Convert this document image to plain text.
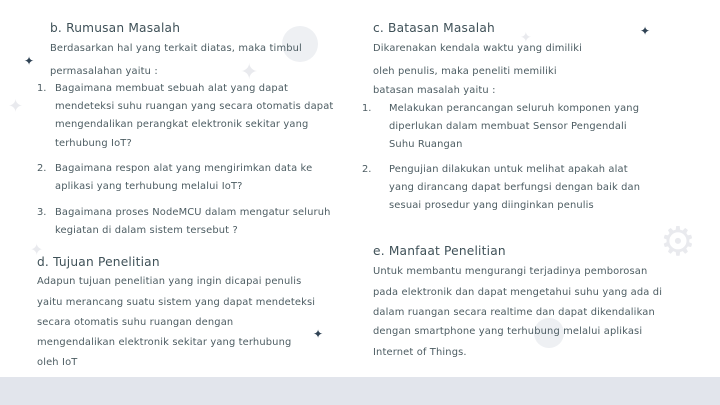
⚙
✦
✦
✦
✦
✦
✦
✦
b. Rumusan Masalah
Berdasarkan hal yang terkait diatas, maka timbul
permasalahan yaitu :
1. Bagaimana membuat sebuah alat yang dapat
mendeteksi suhu ruangan yang secara otomatis dapat
mengendalikan perangkat elektronik sekitar yang
terhubung IoT?
2. Bagaimana respon alat yang mengirimkan data ke
aplikasi yang terhubung melalui IoT?
3. Bagaimana proses NodeMCU dalam mengatur seluruh
kegiatan di dalam sistem tersebut ?
c. Batasan Masalah
Dikarenakan kendala waktu yang dimiliki
oleh penulis, maka peneliti memiliki
batasan masalah yaitu :
1. Melakukan perancangan seluruh komponen yang
diperlukan dalam membuat Sensor Pengendali
Suhu Ruangan
2. Pengujian dilakukan untuk melihat apakah alat
yang dirancang dapat berfungsi dengan baik dan
sesuai prosedur yang diinginkan penulis
d. Tujuan Penelitian
Adapun tujuan penelitian yang ingin dicapai penulis
yaitu merancang suatu sistem yang dapat mendeteksi
secara otomatis suhu ruangan dengan
mengendalikan elektronik sekitar yang terhubung
oleh IoT
e. Manfaat Penelitian
Untuk membantu mengurangi terjadinya pemborosan
pada elektronik dan dapat mengetahui suhu yang ada di
dalam ruangan secara realtime dan dapat dikendalikan
dengan smartphone yang terhubung melalui aplikasi
Internet of Things.
